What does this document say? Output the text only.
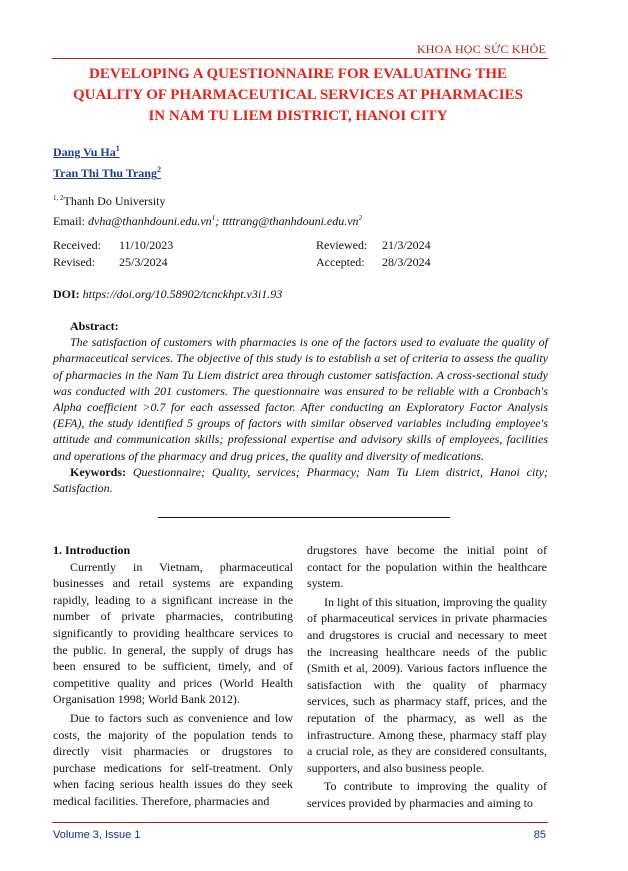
KHOA HỌC SỨC KHỎE
DEVELOPING A QUESTIONNAIRE FOR EVALUATING THE
QUALITY OF PHARMACEUTICAL SERVICES AT PHARMACIES
IN NAM TU LIEM DISTRICT, HANOI CITY
Dang Vu Ha$^1$
Tran Thi Thu Trang$^2$
$^{1, 2}$Thanh Do University
Email: $dvha@thanhdouni.edu.vn^1$; $ttttrang@thanhdouni.edu.vn^2$
Received: 11/10/2023	Reviewed: 21/3/2024
Revised: 25/3/2024	Accepted: 28/3/2024
DOI: https://doi.org/10.58902/tcnckhpt.v3i1.93
Abstract:

The satisfaction of customers with pharmacies is one of the factors used to evaluate the quality of pharmaceutical services. The objective of this study is to establish a set of criteria to assess the quality of pharmacies in the Nam Tu Liem district area through customer satisfaction. A cross-sectional study was conducted with 201 customers. The questionnaire was ensured to be reliable with a Cronbach's Alpha coefficient >0.7 for each assessed factor. After conducting an Exploratory Factor Analysis (EFA), the study identified 5 groups of factors with similar observed variables including employee's attitude and communication skills; professional expertise and advisory skills of employees, facilities and operations of the pharmacy and drug prices, the quality and diversity of medications.

Keywords: Questionnaire; Quality, services; Pharmacy; Nam Tu Liem district, Hanoi city; Satisfaction.

1. Introduction

Currently in Vietnam, pharmaceutical businesses and retail systems are expanding rapidly, leading to a significant increase in the number of private pharmacies, contributing significantly to providing healthcare services to the public. In general, the supply of drugs has been ensured to be sufficient, timely, and of competitive quality and prices (World Health Organisation 1998; World Bank 2012).

Due to factors such as convenience and low costs, the majority of the population tends to directly visit pharmacies or drugstores to purchase medications for self-treatment. Only when facing serious health issues do they seek medical facilities. Therefore, pharmacies and

drugstores have become the initial point of contact for the population within the healthcare system.

In light of this situation, improving the quality of pharmaceutical services in private pharmacies and drugstores is crucial and necessary to meet the increasing healthcare needs of the public (Smith et al, 2009). Various factors influence the satisfaction with the quality of pharmacy services, such as pharmacy staff, prices, and the reputation of the pharmacy, as well as the infrastructure. Among these, pharmacy staff play a crucial role, as they are considered consultants, supporters, and also business people.

To contribute to improving the quality of services provided by pharmacies and aiming to

Volume 3, Issue 1	85
